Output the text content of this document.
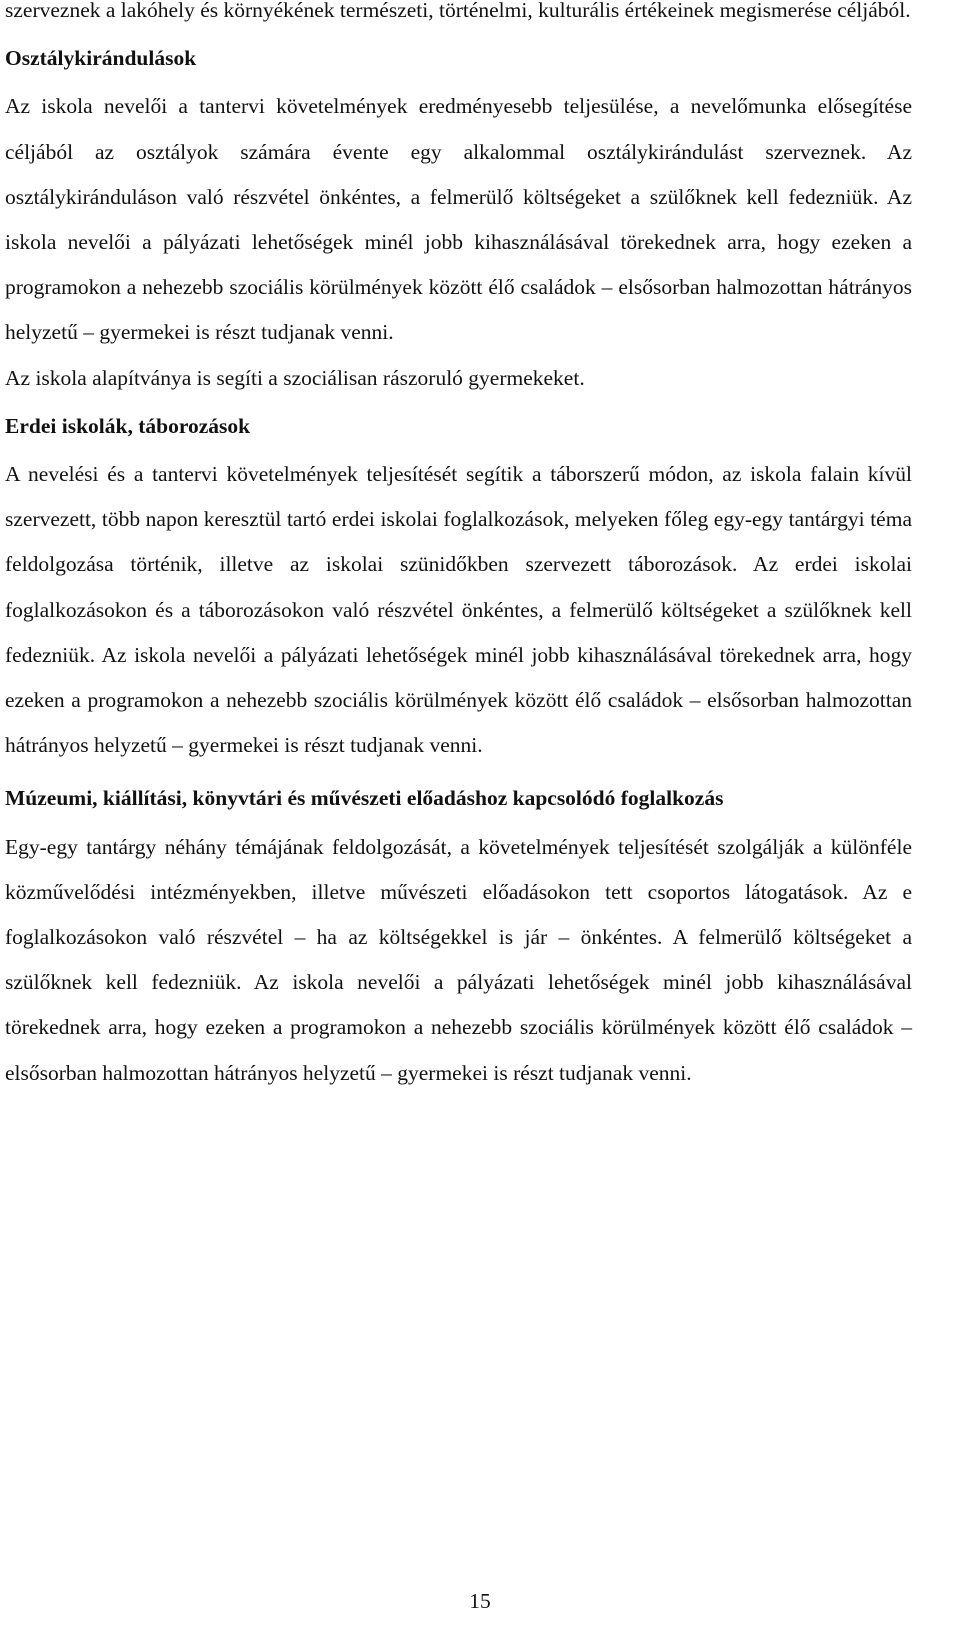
szerveznek a lakóhely és környékének természeti, történelmi, kulturális értékeinek megismerése céljából.

Osztálykirándulások

Az iskola nevelői a tantervi követelmények eredményesebb teljesülése, a nevelőmunka elősegítése céljából az osztályok számára évente egy alkalommal osztálykirándulást szerveznek. Az osztálykiránduláson való részvétel önkéntes, a felmerülő költségeket a szülőknek kell fedezniük. Az iskola nevelői a pályázati lehetőségek minél jobb kihasználásával törekednek arra, hogy ezeken a programokon a nehezebb szociális körülmények között élő családok – elsősorban halmozottan hátrányos helyzetű – gyermekei is részt tudjanak venni.

Az iskola alapítványa is segíti a szociálisan rászoruló gyermekeket.

Erdei iskolák, táborozások

A nevelési és a tantervi követelmények teljesítését segítik a táborszerű módon, az iskola falain kívül szervezett, több napon keresztül tartó erdei iskolai foglalkozások, melyeken főleg egy-egy tantárgyi téma feldolgozása történik, illetve az iskolai szünidőkben szervezett táborozások. Az erdei iskolai foglalkozásokon és a táborozásokon való részvétel önkéntes, a felmerülő költségeket a szülőknek kell fedezniük. Az iskola nevelői a pályázati lehetőségek minél jobb kihasználásával törekednek arra, hogy ezeken a programokon a nehezebb szociális körülmények között élő családok – elsősorban halmozottan hátrányos helyzetű – gyermekei is részt tudjanak venni.

Múzeumi, kiállítási, könyvtári és művészeti előadáshoz kapcsolódó foglalkozás

Egy-egy tantárgy néhány témájának feldolgozását, a követelmények teljesítését szolgálják a különféle közművelődési intézményekben, illetve művészeti előadásokon tett csoportos látogatások. Az e foglalkozásokon való részvétel – ha az költségekkel is jár – önkéntes. A felmerülő költségeket a szülőknek kell fedezniük. Az iskola nevelői a pályázati lehetőségek minél jobb kihasználásával törekednek arra, hogy ezeken a programokon a nehezebb szociális körülmények között élő családok – elsősorban halmozottan hátrányos helyzetű – gyermekei is részt tudjanak venni.

15
